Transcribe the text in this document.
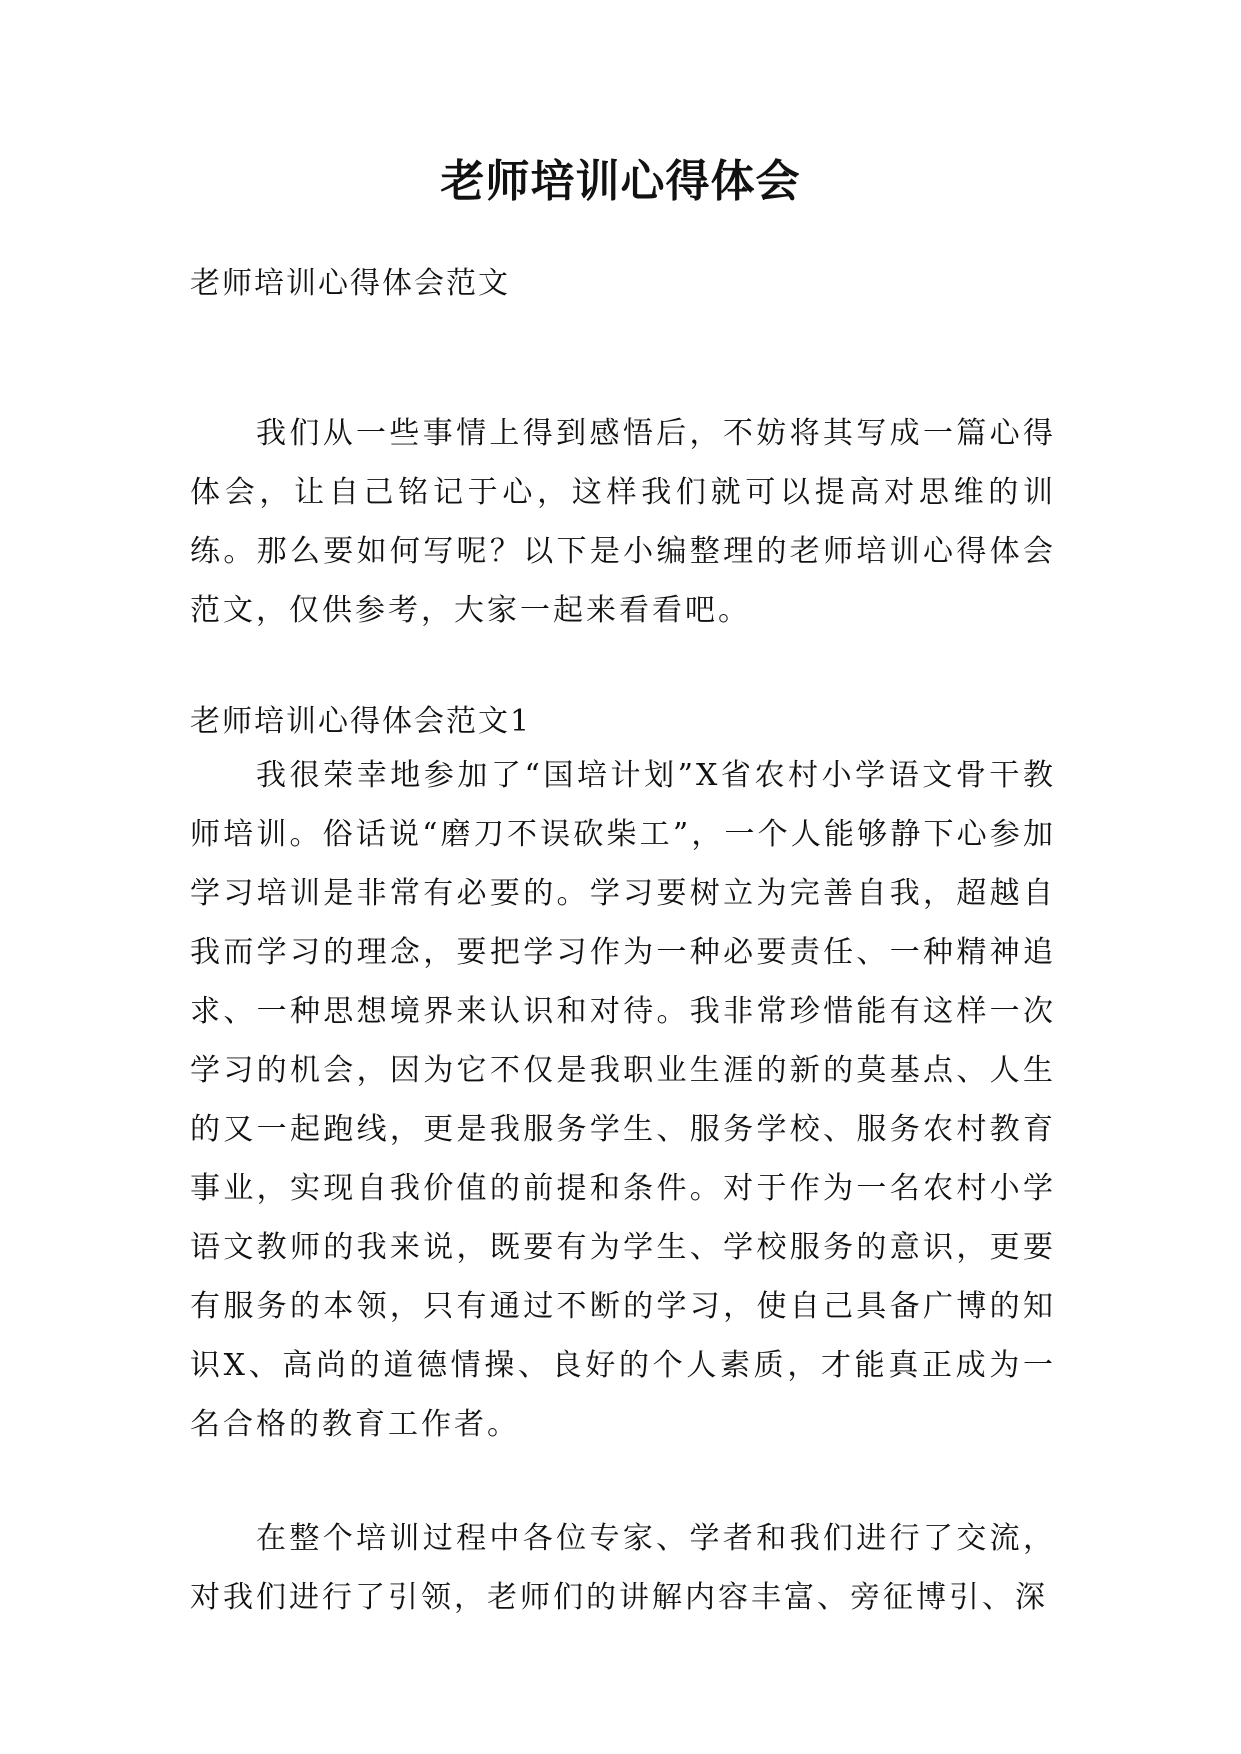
老师培训心得体会

老师培训心得体会范文

我们从一些事情上得到感悟后，不妨将其写成一篇心得体会，让自己铭记于心，这样我们就可以提高对思维的训练。那么要如何写呢？以下是小编整理的老师培训心得体会范文，仅供参考，大家一起来看看吧。

老师培训心得体会范文1

我很荣幸地参加了“国培计划”X省农村小学语文骨干教师培训。俗话说“磨刀不误砍柴工”，一个人能够静下心参加学习培训是非常有必要的。学习要树立为完善自我，超越自我而学习的理念，要把学习作为一种必要责任、一种精神追求、一种思想境界来认识和对待。我非常珍惜能有这样一次学习的机会，因为它不仅是我职业生涯的新的莫基点、人生的又一起跑线，更是我服务学生、服务学校、服务农村教育事业，实现自我价值的前提和条件。对于作为一名农村小学语文教师的我来说，既要有为学生、学校服务的意识，更要有服务的本领，只有通过不断的学习，使自己具备广博的知识X、高尚的道德情操、良好的个人素质，才能真正成为一名合格的教育工作者。

在整个培训过程中各位专家、学者和我们进行了交流，对我们进行了引领，老师们的讲解内容丰富、旁征博引、深
